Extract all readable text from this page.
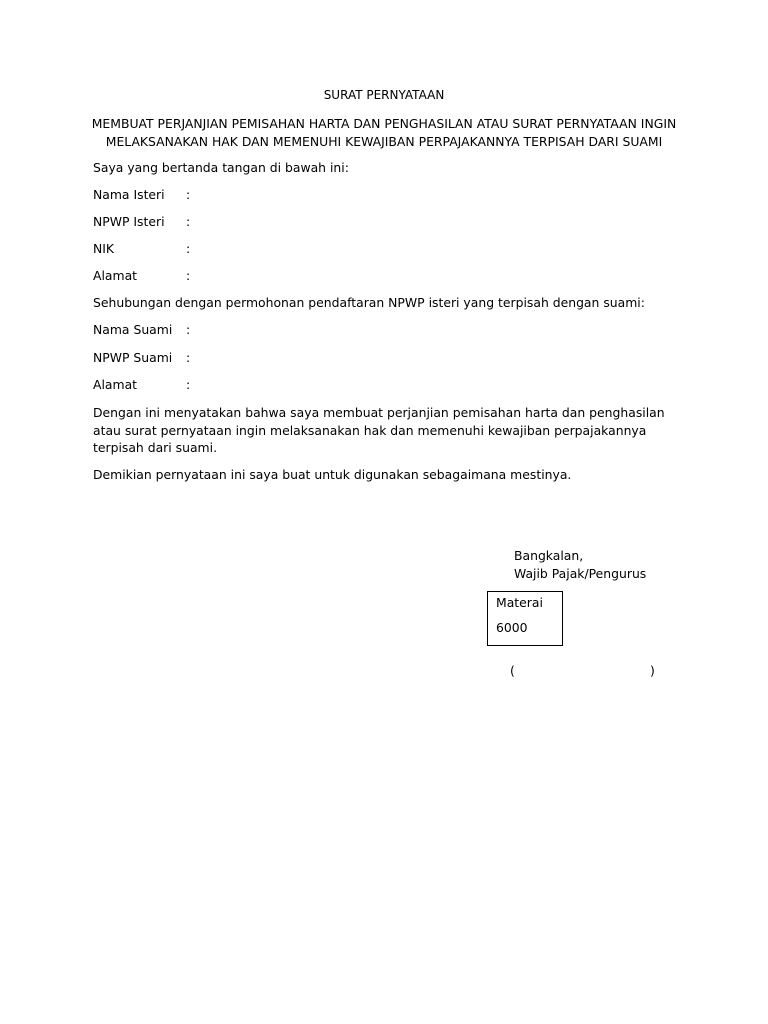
SURAT PERNYATAAN
MEMBUAT PERJANJIAN PEMISAHAN HARTA DAN PENGHASILAN ATAU SURAT PERNYATAAN INGIN
MELAKSANAKAN HAK DAN MEMENUHI KEWAJIBAN PERPAJAKANNYA TERPISAH DARI SUAMI
Saya yang bertanda tangan di bawah ini:
Nama Isteri :
NPWP Isteri :
NIK	:
Alamat	:
Sehubungan dengan permohonan pendaftaran NPWP isteri yang terpisah dengan suami:
Nama Suami :
NPWP Suami :
Alamat	:
Dengan ini menyatakan bahwa saya membuat perjanjian pemisahan harta dan penghasilan atau surat pernyataan ingin melaksanakan hak dan memenuhi kewajiban perpajakannya terpisah dari suami.
Demikian pernyataan ini saya buat untuk digunakan sebagaimana mestinya.
Bangkalan,
Wajib Pajak/Pengurus
Materai
6000
(	)
